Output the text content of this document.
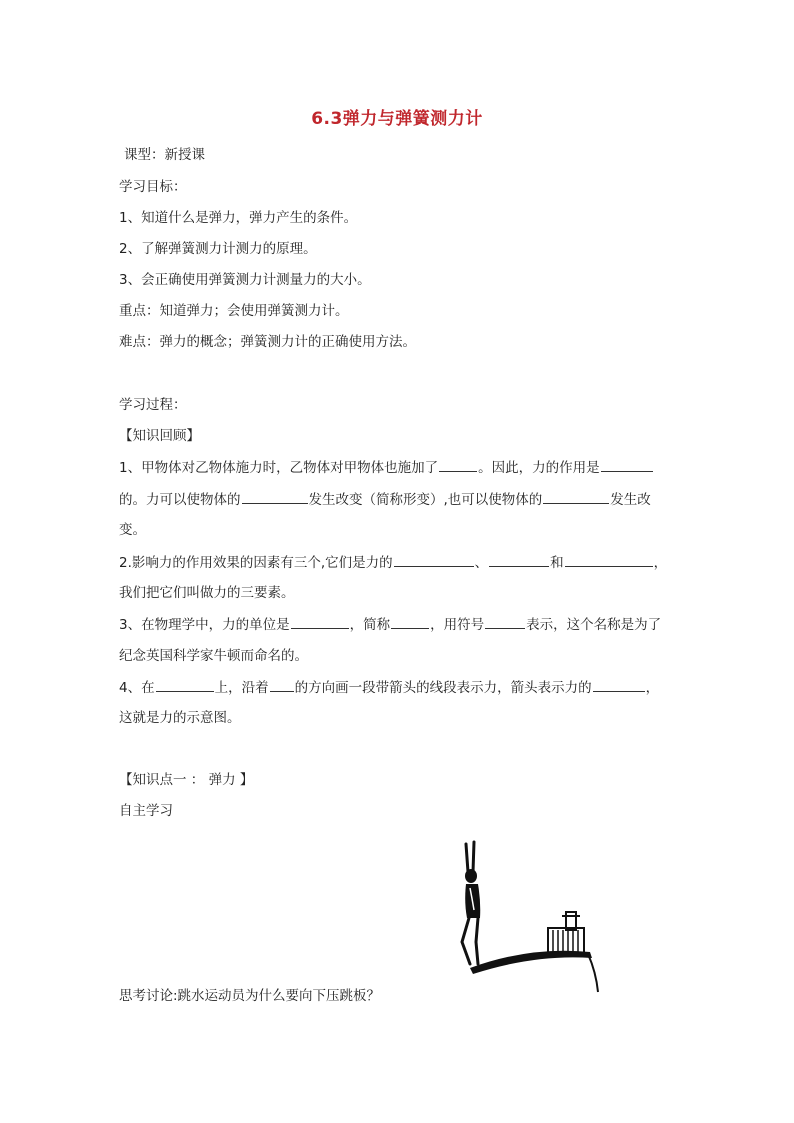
6.3弹力与弹簧测力计
课型：新授课
学习目标：
1、知道什么是弹力，弹力产生的条件。
2、了解弹簧测力计测力的原理。
3、会正确使用弹簧测力计测量力的大小。
重点：知道弹力；会使用弹簧测力计。
难点：弹力的概念；弹簧测力计的正确使用方法。
学习过程：
【知识回顾】
1、甲物体对乙物体施力时，乙物体对甲物体也施加了	。因此，力的作用是
的。力可以使物体的	发生改变（简称形变）,也可以使物体的	发生改
变。
2.影响力的作用效果的因素有三个,它们是力的	、	和	，
我们把它们叫做力的三要素。
3、在物理学中，力的单位是	，简称	，用符号	表示，这个名称是为了
纪念英国科学家牛顿而命名的。
4、在	上，沿着 的方向画一段带箭头的线段表示力，箭头表示力的	，
这就是力的示意图。
【知识点一 ： 弹力 】
自主学习
思考讨论:跳水运动员为什么要向下压跳板？
